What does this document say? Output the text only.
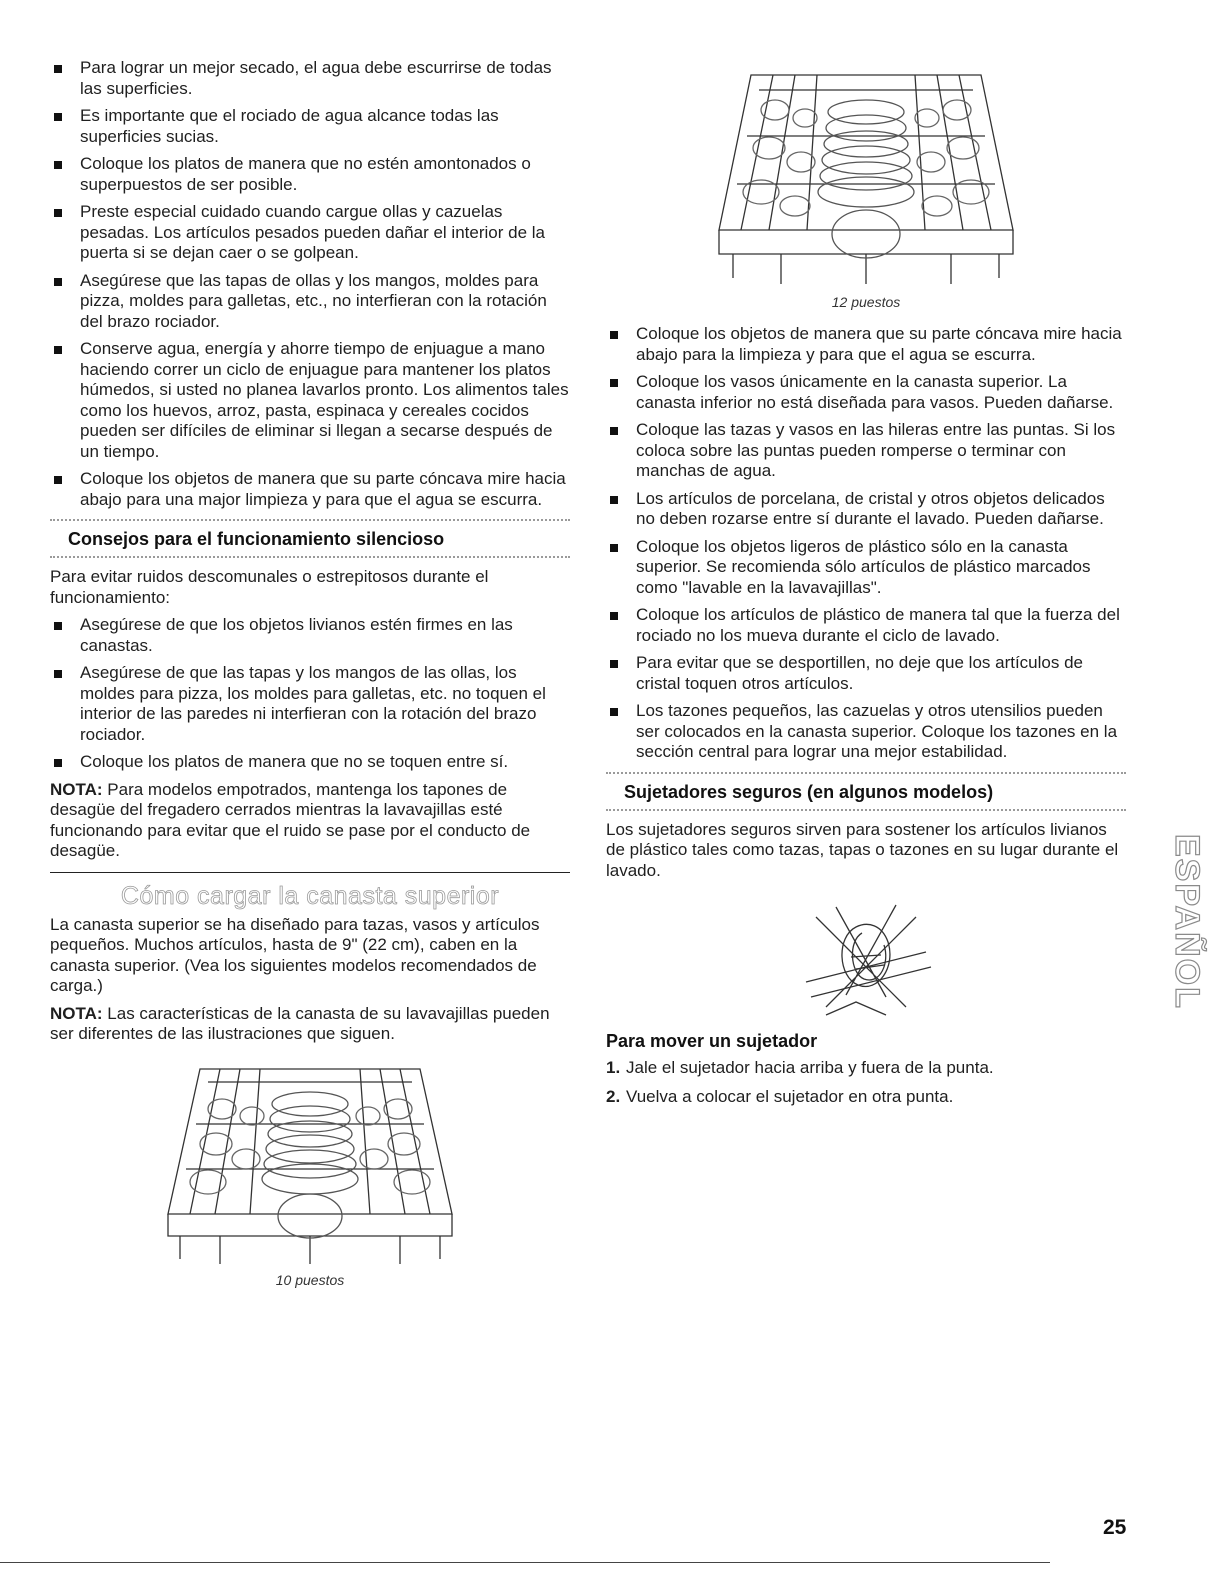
Para lograr un mejor secado, el agua debe escurrirse de todas las superficies.
Es importante que el rociado de agua alcance todas las superficies sucias.
Coloque los platos de manera que no estén amontonados o superpuestos de ser posible.
Preste especial cuidado cuando cargue ollas y cazuelas pesadas. Los artículos pesados pueden dañar el interior de la puerta si se dejan caer o se golpean.
Asegúrese que las tapas de ollas y los mangos, moldes para pizza, moldes para galletas, etc., no interfieran con la rotación del brazo rociador.
Conserve agua, energía y ahorre tiempo de enjuague a mano haciendo correr un ciclo de enjuague para mantener los platos húmedos, si usted no planea lavarlos pronto. Los alimentos tales como los huevos, arroz, pasta, espinaca y cereales cocidos pueden ser difíciles de eliminar si llegan a secarse después de un tiempo.
Coloque los objetos de manera que su parte cóncava mire hacia abajo para una major limpieza y para que el agua se escurra.
Consejos para el funcionamiento silencioso

Para evitar ruidos descomunales o estrepitosos durante el funcionamiento:

Asegúrese de que los objetos livianos estén firmes en las canastas.
Asegúrese de que las tapas y los mangos de las ollas, los moldes para pizza, los moldes para galletas, etc. no toquen el interior de las paredes ni interfieran con la rotación del brazo rociador.
Coloque los platos de manera que no se toquen entre sí.

NOTA: Para modelos empotrados, mantenga los tapones de desagüe del fregadero cerrados mientras la lavavajillas esté funcionando para evitar que el ruido se pase por el conducto de desagüe.

Cómo cargar la canasta superior

La canasta superior se ha diseñado para tazas, vasos y artículos pequeños. Muchos artículos, hasta de 9" (22 cm), caben en la canasta superior. (Vea los siguientes modelos recomendados de carga.)

NOTA: Las características de la canasta de su lavavajillas pueden ser diferentes de las ilustraciones que siguen.

10 puestos
12 puestos
Coloque los objetos de manera que su parte cóncava mire hacia abajo para la limpieza y para que el agua se escurra.
Coloque los vasos únicamente en la canasta superior. La canasta inferior no está diseñada para vasos. Pueden dañarse.
Coloque las tazas y vasos en las hileras entre las puntas. Si los coloca sobre las puntas pueden romperse o terminar con manchas de agua.
Los artículos de porcelana, de cristal y otros objetos delicados no deben rozarse entre sí durante el lavado. Pueden dañarse.
Coloque los objetos ligeros de plástico sólo en la canasta superior. Se recomienda sólo artículos de plástico marcados como "lavable en la lavavajillas".
Coloque los artículos de plástico de manera tal que la fuerza del rociado no los mueva durante el ciclo de lavado.
Para evitar que se desportillen, no deje que los artículos de cristal toquen otros artículos.
Los tazones pequeños, las cazuelas y otros utensilios pueden ser colocados en la canasta superior. Coloque los tazones en la sección central para lograr una mejor estabilidad.
Sujetadores seguros (en algunos modelos)

Los sujetadores seguros sirven para sostener los artículos livianos de plástico tales como tazas, tapas o tazones en su lugar durante el lavado.

Para mover un sujetador
1. Jale el sujetador hacia arriba y fuera de la punta.
2. Vuelva a colocar el sujetador en otra punta.
ESPAÑOL
25
